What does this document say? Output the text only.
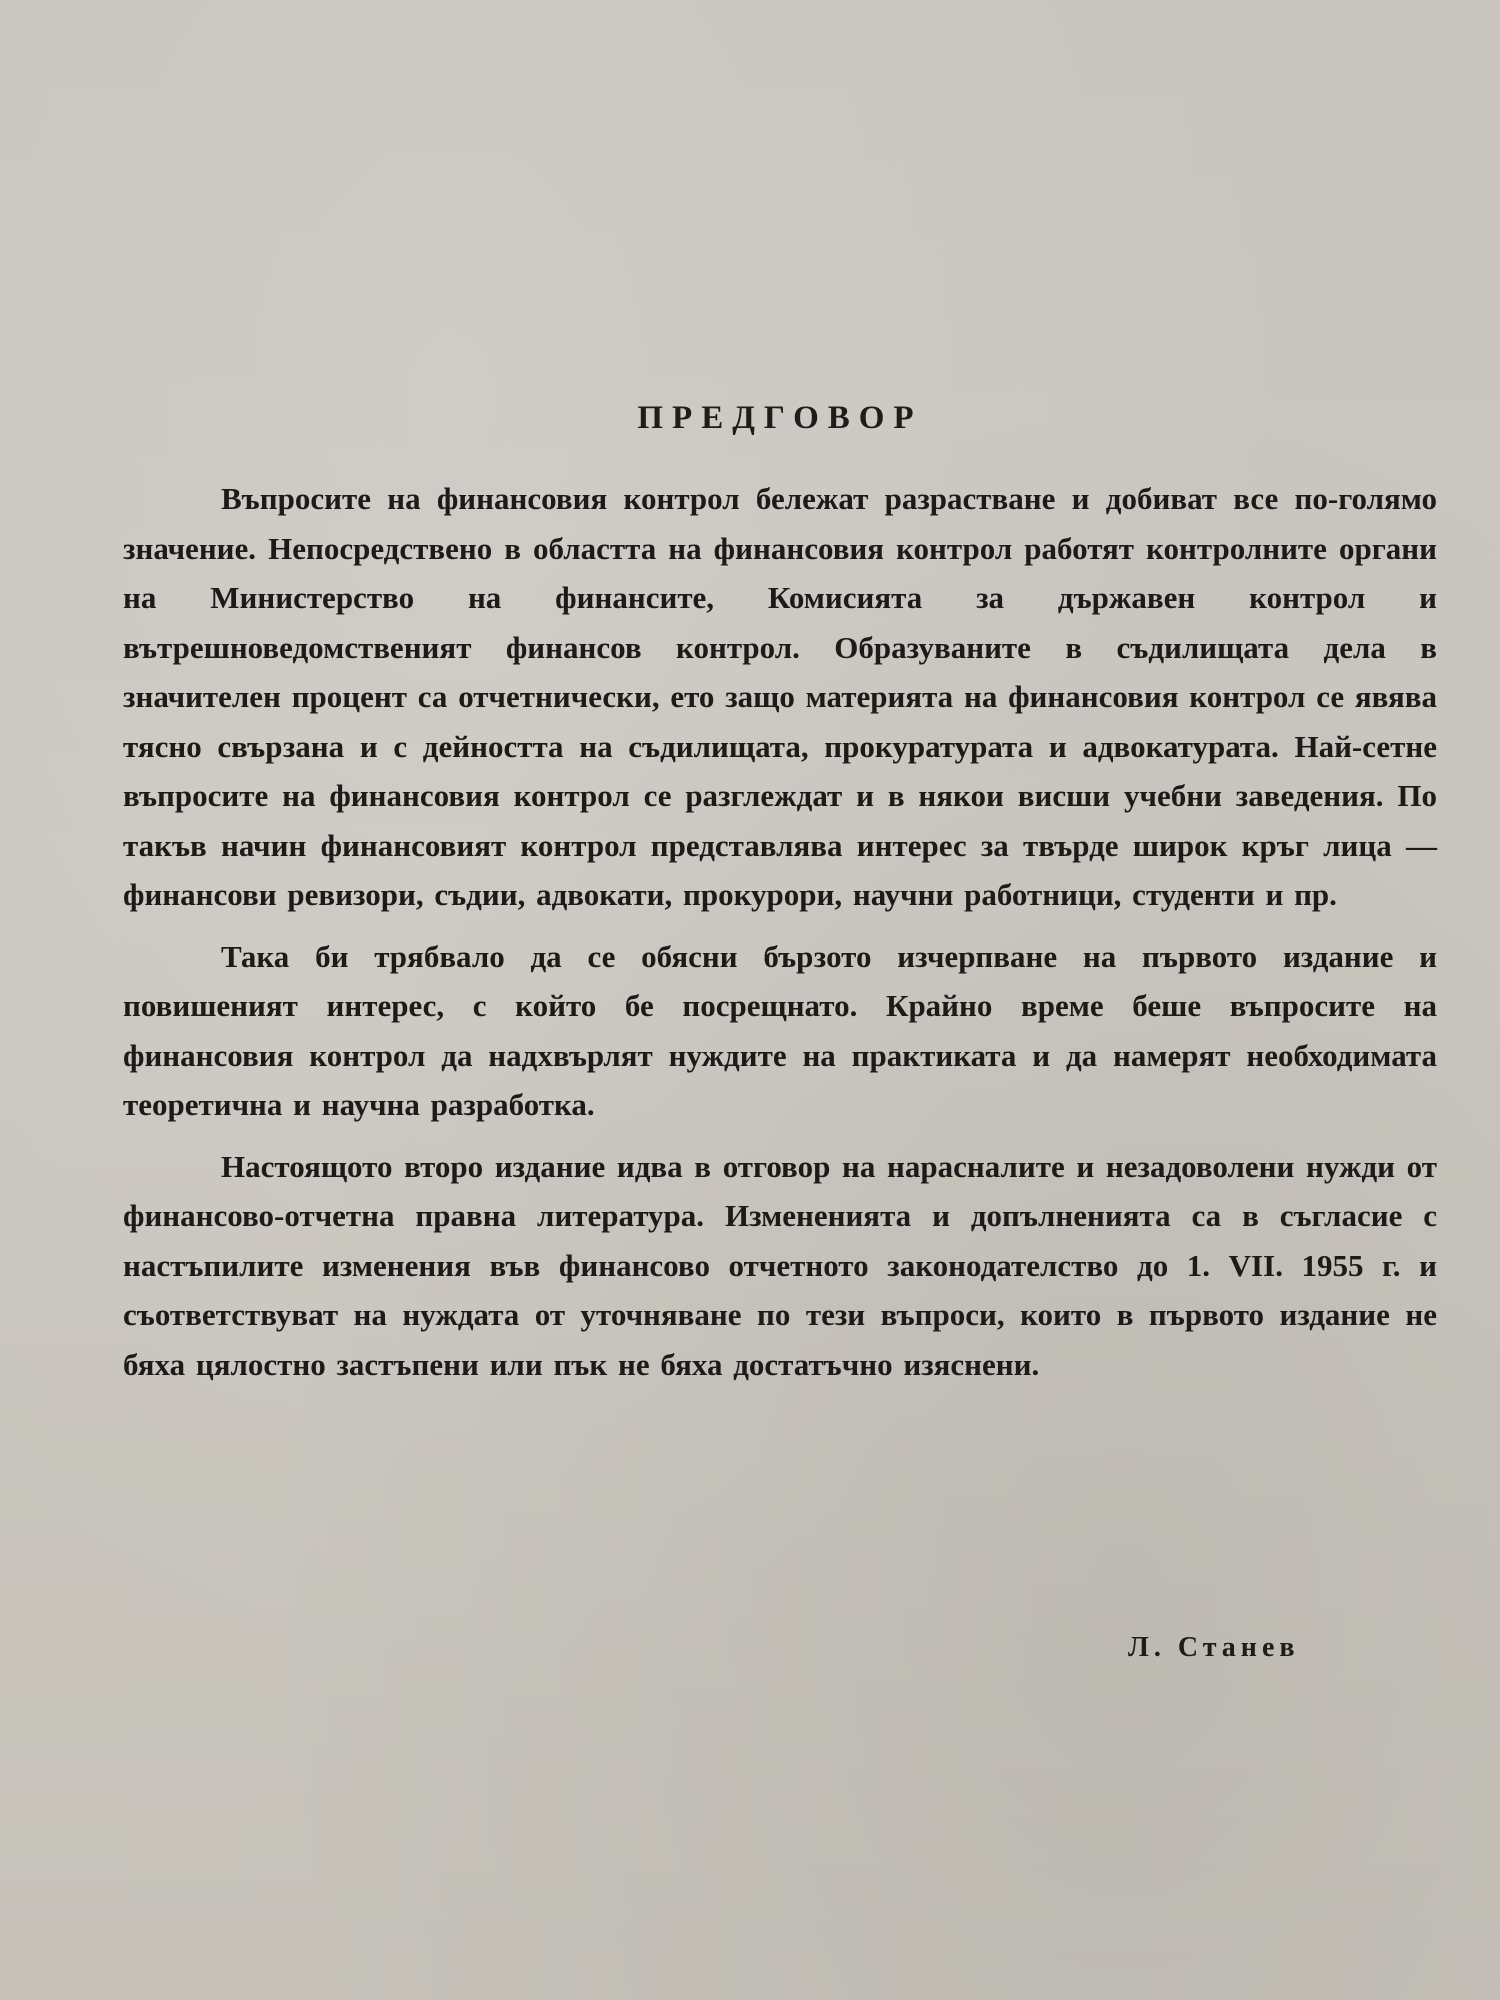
ПРЕДГОВОР

Въпросите на финансовия контрол бележат разрастване и добиват все по-голямо значение. Непосредствено в областта на финансовия контрол работят контролните органи на Министерство на финансите, Комисията за държавен контрол и вътрешноведомственият финансов контрол. Образуваните в съдилищата дела в значителен процент са отчетнически, ето защо материята на финансовия контрол се явява тясно свързана и с дейността на съдилищата, прокуратурата и адвокатурата. Най-сетне въпросите на финансовия контрол се разглеждат и в някои висши учебни заведения. По такъв начин финансовият контрол представлява интерес за твърде широк кръг лица — финансови ревизори, съдии, адвокати, прокурори, научни работници, студенти и пр.

Така би трябвало да се обясни бързото изчерпване на първото издание и повишеният интерес, с който бе посрещнато. Крайно време беше въпросите на финансовия контрол да надхвърлят нуждите на практиката и да намерят необходимата теоретична и научна разработка.

Настоящото второ издание идва в отговор на нарасналите и незадоволени нужди от финансово-отчетна правна литература. Измененията и допълненията са в съгласие с настъпилите изменения във финансово отчетното законодателство до 1. VII. 1955 г. и съответствуват на нуждата от уточняване по тези въпроси, които в първото издание не бяха цялостно застъпени или пък не бяха достатъчно изяснени.

Л. Станев
